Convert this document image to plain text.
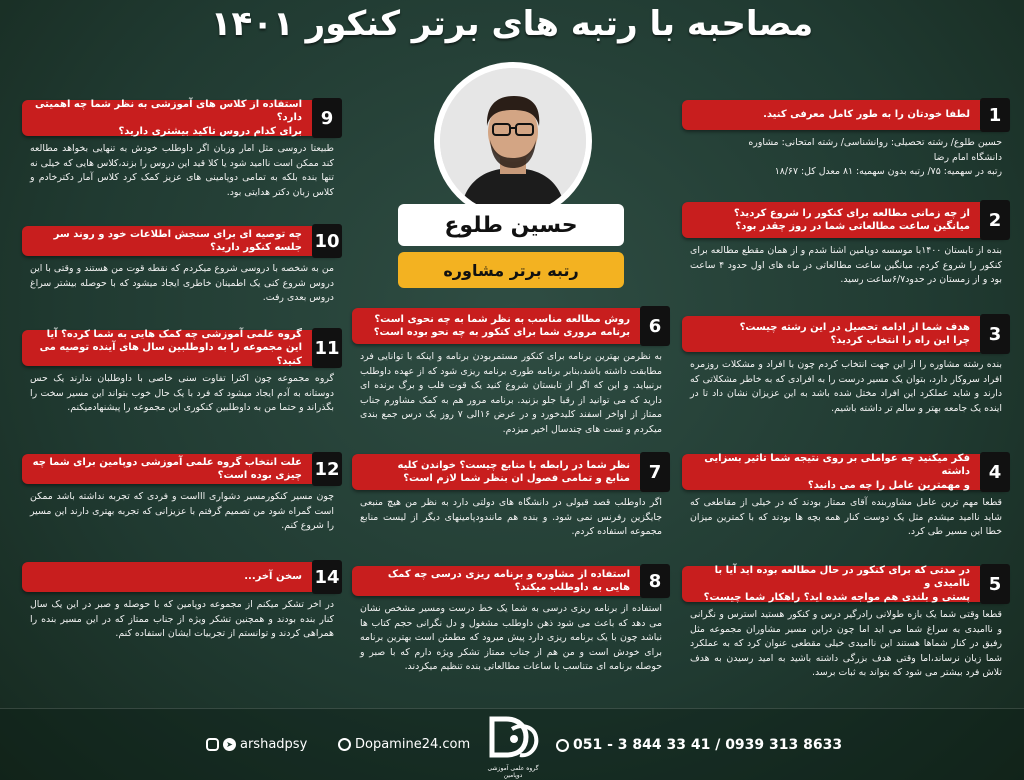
مصاحبه با رتبه های برتر کنکور ۱۴۰۱
1
لطفا خودتان را به طور کامل معرفی کنید.
حسین طلوع/ رشته تحصیلی: روانشناسی/ رشته امتحانی: مشاوره
دانشگاه امام رضا
رتبه در سهمیه: ۷۵/ رتبه بدون سهمیه: ۸۱ معدل کل: ۱۸/۶۷
2
از چه زمانی مطالعه برای کنکور را شروع کردید؟
میانگین ساعت مطالعاتی شما در روز چقدر بود؟
بنده از تابستان ۱۴۰۰با موسسه دوپامین اشنا شدم و از همان مقطع مطالعه برای کنکور را شروع کردم. میانگین ساعت مطالعاتی در ماه های اول حدود ۴ ساعت بود و از زمستان در حدود۶/۷ساعت رسید.
3
هدف شما از ادامه تحصیل در این رشته چیست؟
چرا این راه را انتخاب کردید؟
بنده رشته مشاوره را از این جهت انتخاب کردم چون با افراد و مشکلات روزمره افراد سروکار دارد، بتوان یک مسیر درست را به افرادی که به خاطر مشکلاتی که دارند و شاید عملکرد این افراد مختل شده باشد به این عزیزان نشان داد تا در اینده یک جامعه بهتر و سالم تر داشته باشیم.
4
فکر میکنید چه عواملی بر روی نتیجه شما تاثیر بسزایی داشته
و مهمترین عامل را چه می دانید؟
قطعا مهم ترین عامل مشاوربنده آقای ممتاز بودند که در خیلی از مقاطعی که شاید ناامید میشدم مثل یک دوست کنار همه بچه ها بودند که با کمترین میزان خطا این مسیر طی کرد.
5
در مدتی که برای کنکور در حال مطالعه بوده اید آیا با ناامیدی و
پستی و بلندی هم مواجه شده اید؟ راهکار شما چیست؟
قطعا وقتی شما یک بازه طولانی رادرگیر درس و کنکور هستید استرس و نگرانی و ناامیدی به سراغ شما می اید اما چون دراین مسیر مشاوران مجموعه مثل رفیق در کنار شماها هستند این ناامیدی خیلی مقطعی عنوان کرد که به عملکرد شما زیان نرساند،اما وقتی هدف بزرگی داشته باشید به امید رسیدن به هدف تلاش فرد بیشتر می شود که بتواند به ثبات برسد.
حسین طلوع
رتبه برتر مشاوره
6
روش مطالعه مناسب به نظر شما به چه نحوی است؟
برنامه مروری شما برای کنکور به چه نحو بوده است؟
به نظرمن بهترین برنامه برای کنکور مستمربودن برنامه و اینکه با توانایی فرد مطابقت داشته باشد،بنابر برنامه طوری برنامه ریزی شود که از عهده داوطلب برنبیاید. و این که اگر از تابستان شروع کنید یک قوت قلب و برگ برنده ای دارید که می توانید از رقبا جلو بزنید. برنامه مرور هم به کمک مشاورم جناب ممتاز از اواخر اسفند کلیدخورد و در عرض ۱۶الی ۷ روز یک درس جمع بندی میکردم و تست های چندسال اخیر میزدم.
7
نظر شما در رابطه با منابع چیست؟ خواندن کلیه
منابع و تمامی فصول ان بنظر شما لازم است؟
اگر داوطلب قصد قبولی در دانشگاه های دولتی دارد به نظر من هیچ منبعی جایگزین رفرنس نمی شود. و بنده هم مانندودپامینهای دیگر از لیست منابع مجموعه استفاده کردم.
8
استفاده از مشاوره و برنامه ریزی درسی چه کمک هایی به داوطلب میکند؟
استفاده از برنامه ریزی درسی به شما یک خط درست ومسیر مشخص نشان می دهد که باعث می شود ذهن داوطلب مشغول و دل نگرانی حجم کتاب ها نباشد چون با یک برنامه ریزی دارد پیش میرود که مطمئن است بهترین برنامه برای خودش است و من هم از جناب ممتاز تشکر ویژه دارم که با صبر و حوصله برنامه ای متناسب با ساعات مطالعاتی بنده تنظیم میکردند.
9
استفاده از کلاس های آموزشی به نظر شما چه اهمیتی دارد؟
برای کدام دروس تاکید بیشتری دارید؟
طبیعتا دروسی مثل امار وزبان اگر داوطلب خودش به تنهایی بخواهد مطالعه کند ممکن است ناامید شود یا کلا قید این دروس را بزند،کلاس هایی که خیلی نه تنها بنده بلکه به تمامی دوپامینی های عزیز کمک کرد کلاس آمار دکترخادم و کلاس زبان دکتر هدایتی بود.
10
چه توصیه ای برای سنجش اطلاعات خود و روند سر جلسه کنکور دارید؟
من به شخصه با دروسی شروع میکردم که نقطه قوت من هستند و وقتی با این دروس شروع کنی یک اطمینان خاطری ایجاد میشود که با حوصله بیشتر سراغ دروس بعدی رفت.
11
گروه علمی آموزشی چه کمک هایی به شما کرده؟ آیا
این مجموعه را به داوطلبین سال های آینده توصیه می کنید؟
گروه مجموعه چون اکثرا تفاوت سنی خاصی با داوطلبان ندارند یک حس دوستانه به آدم ایجاد میشود که فرد با یک حال خوب بتواند این مسیر سخت را بگذراند و حتما من به داوطلبین کنکوری این مجموعه را پیشنهادمیکنم.
12
علت انتخاب گروه علمی آموزشی دوپامین برای شما چه چیزی بوده است؟
چون مسیر کنکورمسیر دشواری اااست و فردی که تجربه نداشته باشد ممکن است گمراه شود من تصمیم گرفتم با عزیزانی که تجربه بهتری دارند این مسیر را شروع کنم.
14
سخن آخر...
در اخر تشکر میکنم از مجموعه دوپامین که با حوصله و صبر در این یک سال کنار بنده بودند و همچنین تشکر ویژه از جناب ممتاز که در این مسیر بنده را همراهی کردند و توانستم از تجربیات ایشان استفاده کنم.
➤ arshadpsy	Dopamine24.com
گروه علمی آموزشی دوپامین
051 - 3 844 33 41 / 0939 313 8633
